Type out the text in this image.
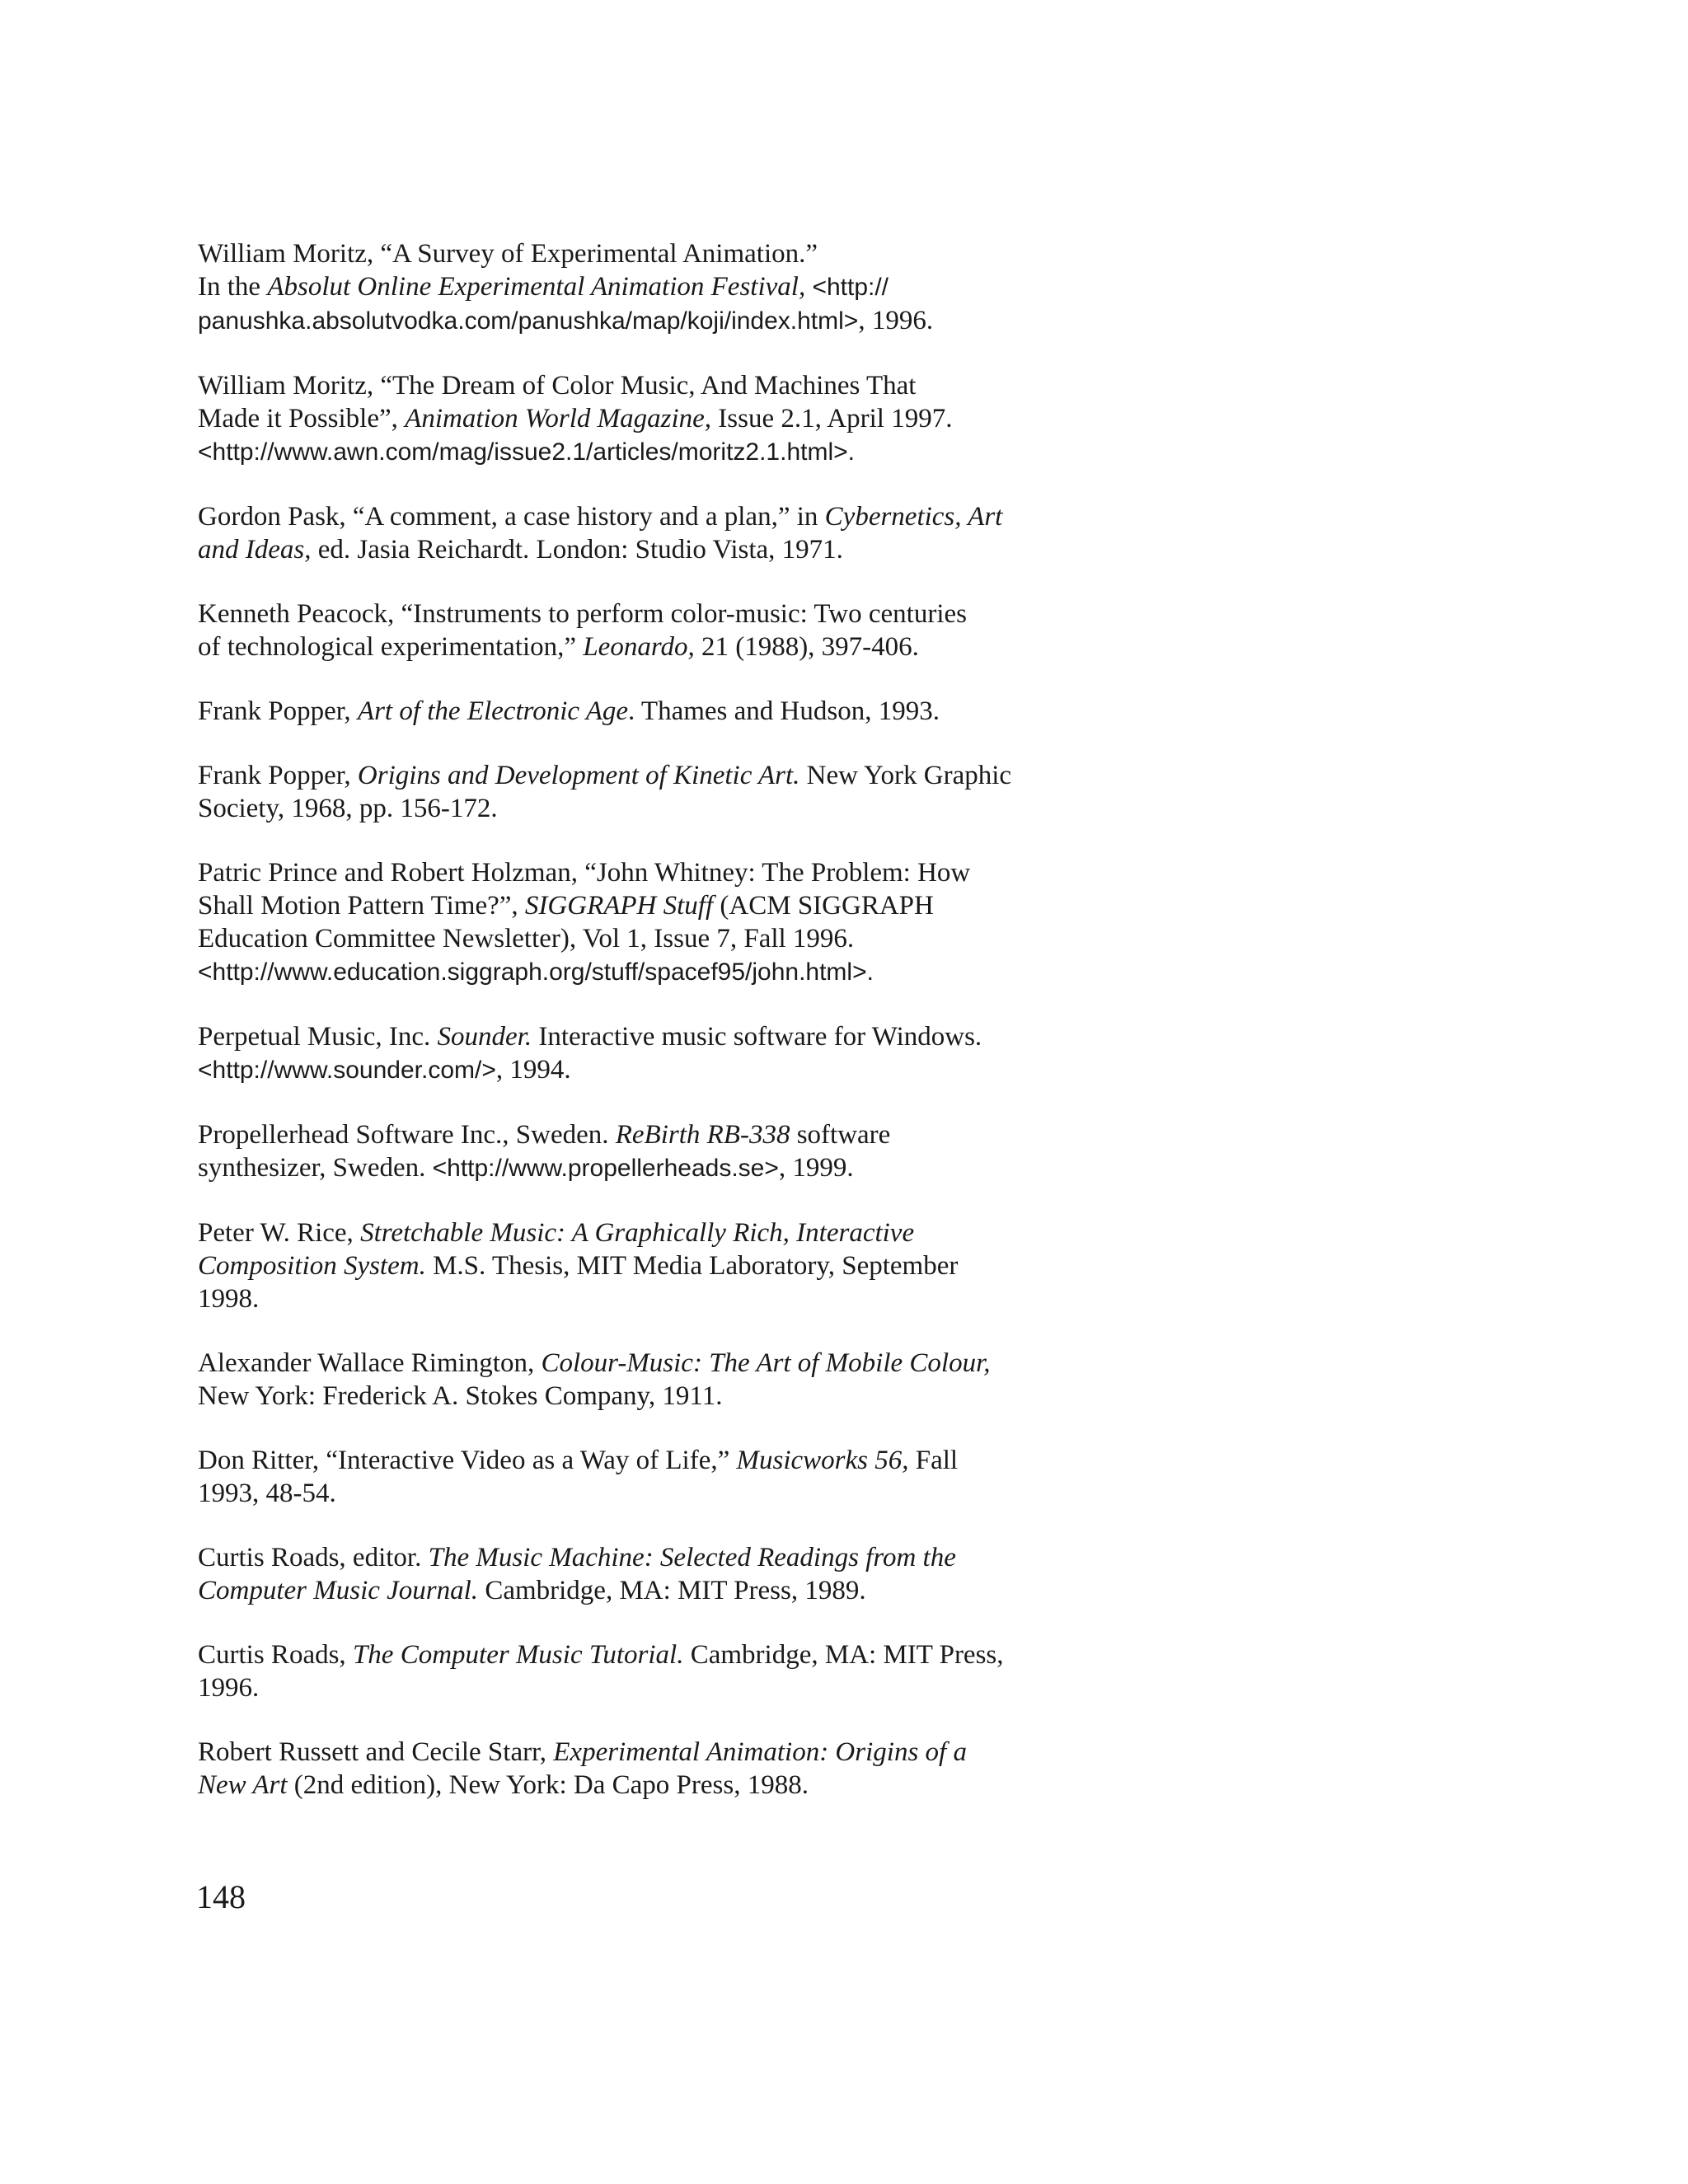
William Moritz, “A Survey of Experimental Animation.”
In the Absolut Online Experimental Animation Festival, <http://
panushka.absolutvodka.com/panushka/map/koji/index.html>, 1996.
William Moritz, “The Dream of Color Music, And Machines That
Made it Possible”, Animation World Magazine, Issue 2.1, April 1997.
<http://www.awn.com/mag/issue2.1/articles/moritz2.1.html>.
Gordon Pask, “A comment, a case history and a plan,” in Cybernetics, Art
and Ideas, ed. Jasia Reichardt. London: Studio Vista, 1971.
Kenneth Peacock, “Instruments to perform color-music: Two centuries
of technological experimentation,” Leonardo, 21 (1988), 397-406.
Frank Popper, Art of the Electronic Age. Thames and Hudson, 1993.
Frank Popper, Origins and Development of Kinetic Art. New York Graphic
Society, 1968, pp. 156-172.
Patric Prince and Robert Holzman, “John Whitney: The Problem: How
Shall Motion Pattern Time?”, SIGGRAPH Stuff (ACM SIGGRAPH
Education Committee Newsletter), Vol 1, Issue 7, Fall 1996.
<http://www.education.siggraph.org/stuff/spacef95/john.html>.
Perpetual Music, Inc. Sounder. Interactive music software for Windows.
<http://www.sounder.com/>, 1994.
Propellerhead Software Inc., Sweden. ReBirth RB-338 software
synthesizer, Sweden. <http://www.propellerheads.se>, 1999.
Peter W. Rice, Stretchable Music: A Graphically Rich, Interactive
Composition System. M.S. Thesis, MIT Media Laboratory, September
1998.
Alexander Wallace Rimington, Colour-Music: The Art of Mobile Colour,
New York: Frederick A. Stokes Company, 1911.
Don Ritter, “Interactive Video as a Way of Life,” Musicworks 56, Fall
1993, 48-54.
Curtis Roads, editor. The Music Machine: Selected Readings from the
Computer Music Journal. Cambridge, MA: MIT Press, 1989.
Curtis Roads, The Computer Music Tutorial. Cambridge, MA: MIT Press,
1996.
Robert Russett and Cecile Starr, Experimental Animation: Origins of a
New Art (2nd edition), New York: Da Capo Press, 1988.

148
